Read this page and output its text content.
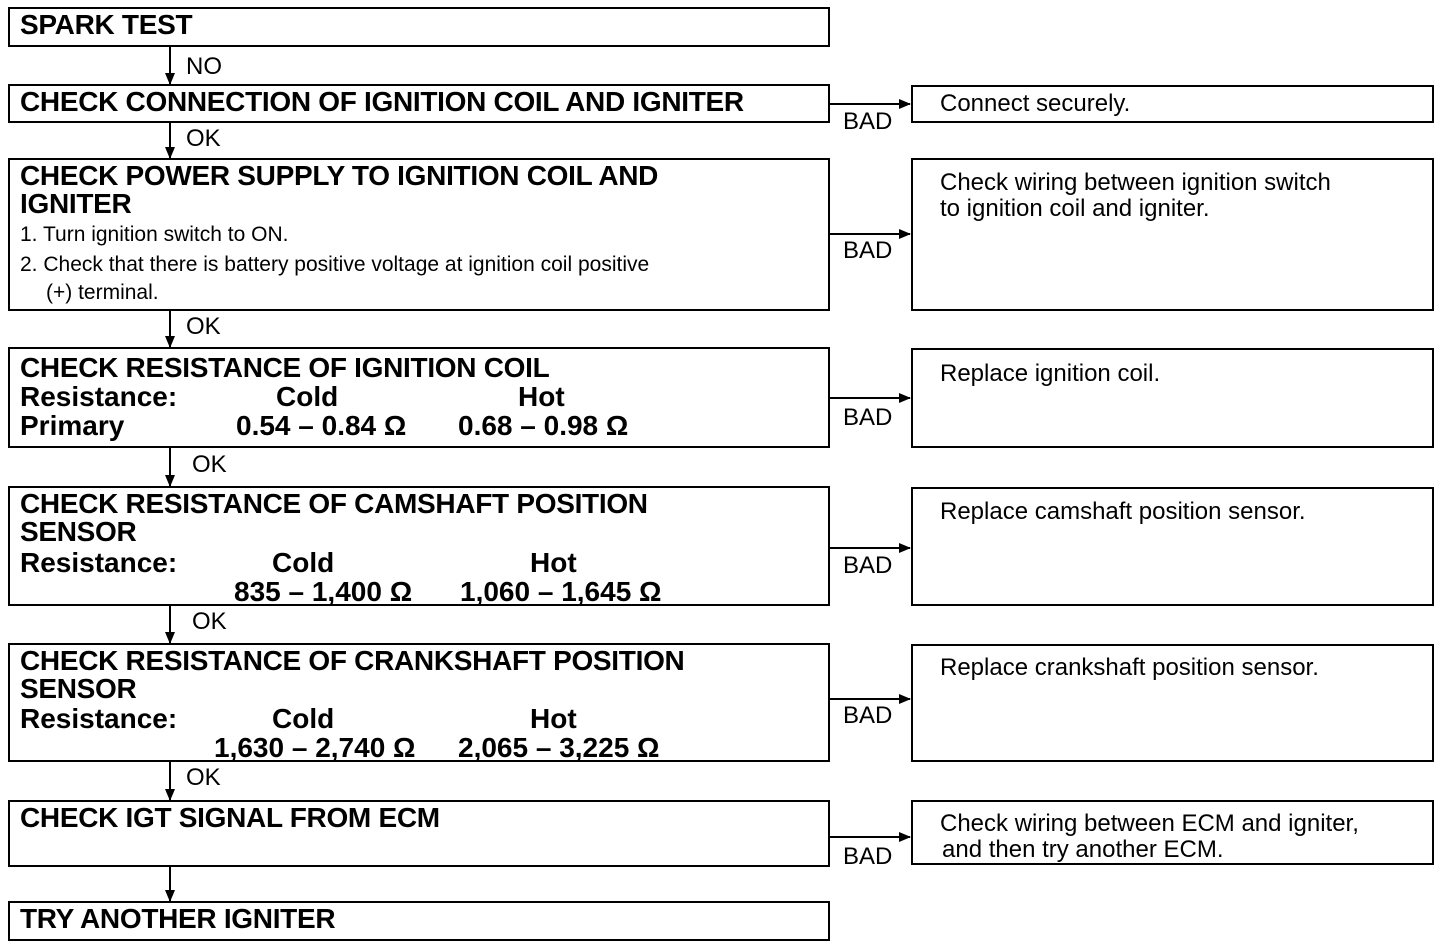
SPARK TEST
CHECK CONNECTION OF IGNITION COIL AND IGNITER
CHECK POWER SUPPLY TO IGNITION COIL AND
IGNITER
1. Turn ignition switch to ON.
2. Check that there is battery positive voltage at ignition coil positive
(+) terminal.
CHECK RESISTANCE OF IGNITION COIL
Resistance:	Cold	Hot
Primary	0.54 – 0.84 Ω 0.68 – 0.98 Ω
CHECK RESISTANCE OF CAMSHAFT POSITION
SENSOR
Resistance:	Cold	Hot
835 – 1,400 Ω 1,060 – 1,645 Ω
CHECK RESISTANCE OF CRANKSHAFT POSITION
SENSOR
Resistance:	Cold	Hot
1,630 – 2,740 Ω 2,065 – 3,225 Ω
CHECK IGT SIGNAL FROM ECM
TRY ANOTHER IGNITER
Connect securely.
Check wiring between ignition switch
to ignition coil and igniter.
Replace ignition coil.
Replace camshaft position sensor.
Replace crankshaft position sensor.
Check wiring between ECM and igniter,
and then try another ECM.
NO
OK
OK
OK
OK
OK
BAD
BAD
BAD
BAD
BAD
BAD
